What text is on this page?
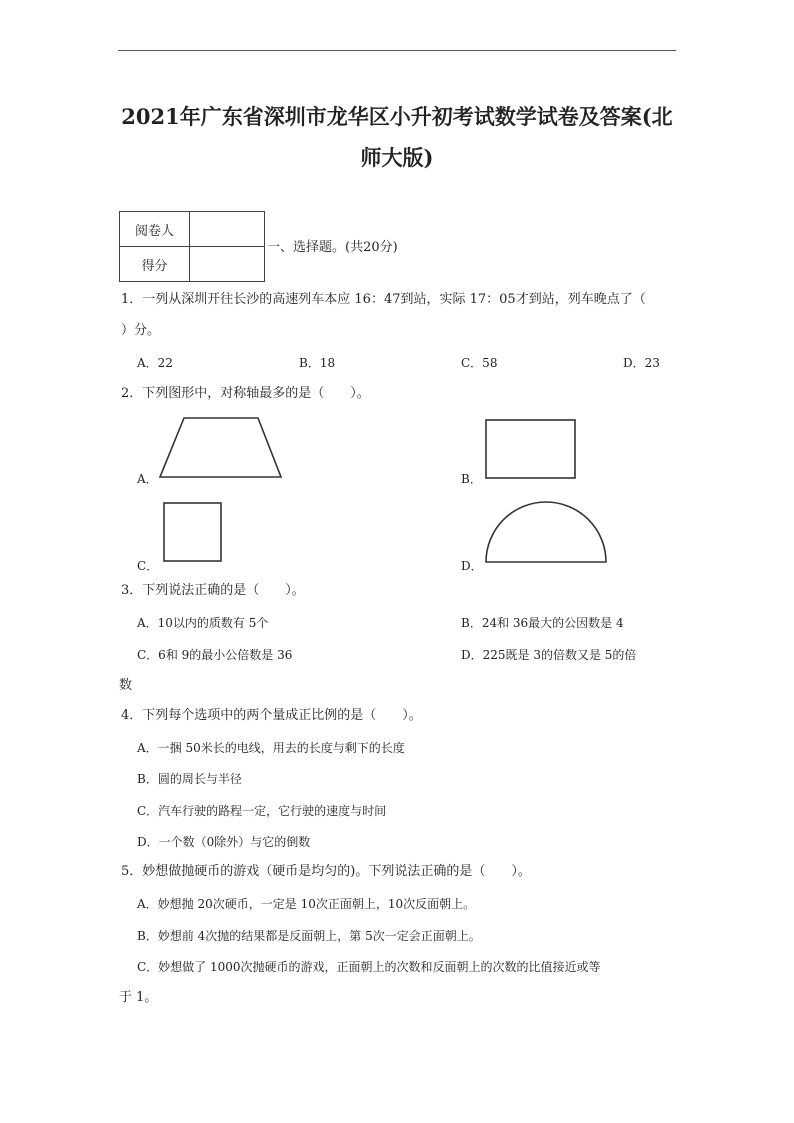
2021年广东省深圳市龙华区小升初考试数学试卷及答案(北
师大版)
阅卷人	
得分	
一、选择题。(共20分)
1．一列从深圳开往长沙的高速列车本应 16：47到站，实际 17：05才到站，列车晚点了（
）分。
A．22	B．18	C．58	D．23
2．下列图形中，对称轴最多的是（　　）。
A．	B．
C．	D．
3．下列说法正确的是（　　）。
A．10以内的质数有 5个	B．24和 36最大的公因数是 4
C．6和 9的最小公倍数是 36	D．225既是 3的倍数又是 5的倍
数
4．下列每个选项中的两个量成正比例的是（　　）。
A．一捆 50米长的电线，用去的长度与剩下的长度
B．圆的周长与半径
C．汽车行驶的路程一定，它行驶的速度与时间
D．一个数（0除外）与它的倒数
5．妙想做抛硬币的游戏（硬币是均匀的)。下列说法正确的是（　　）。
A．妙想抛 20次硬币，一定是 10次正面朝上，10次反面朝上。
B．妙想前 4次抛的结果都是反面朝上，第 5次一定会正面朝上。
C．妙想做了 1000次抛硬币的游戏，正面朝上的次数和反面朝上的次数的比值接近或等
于 1。
